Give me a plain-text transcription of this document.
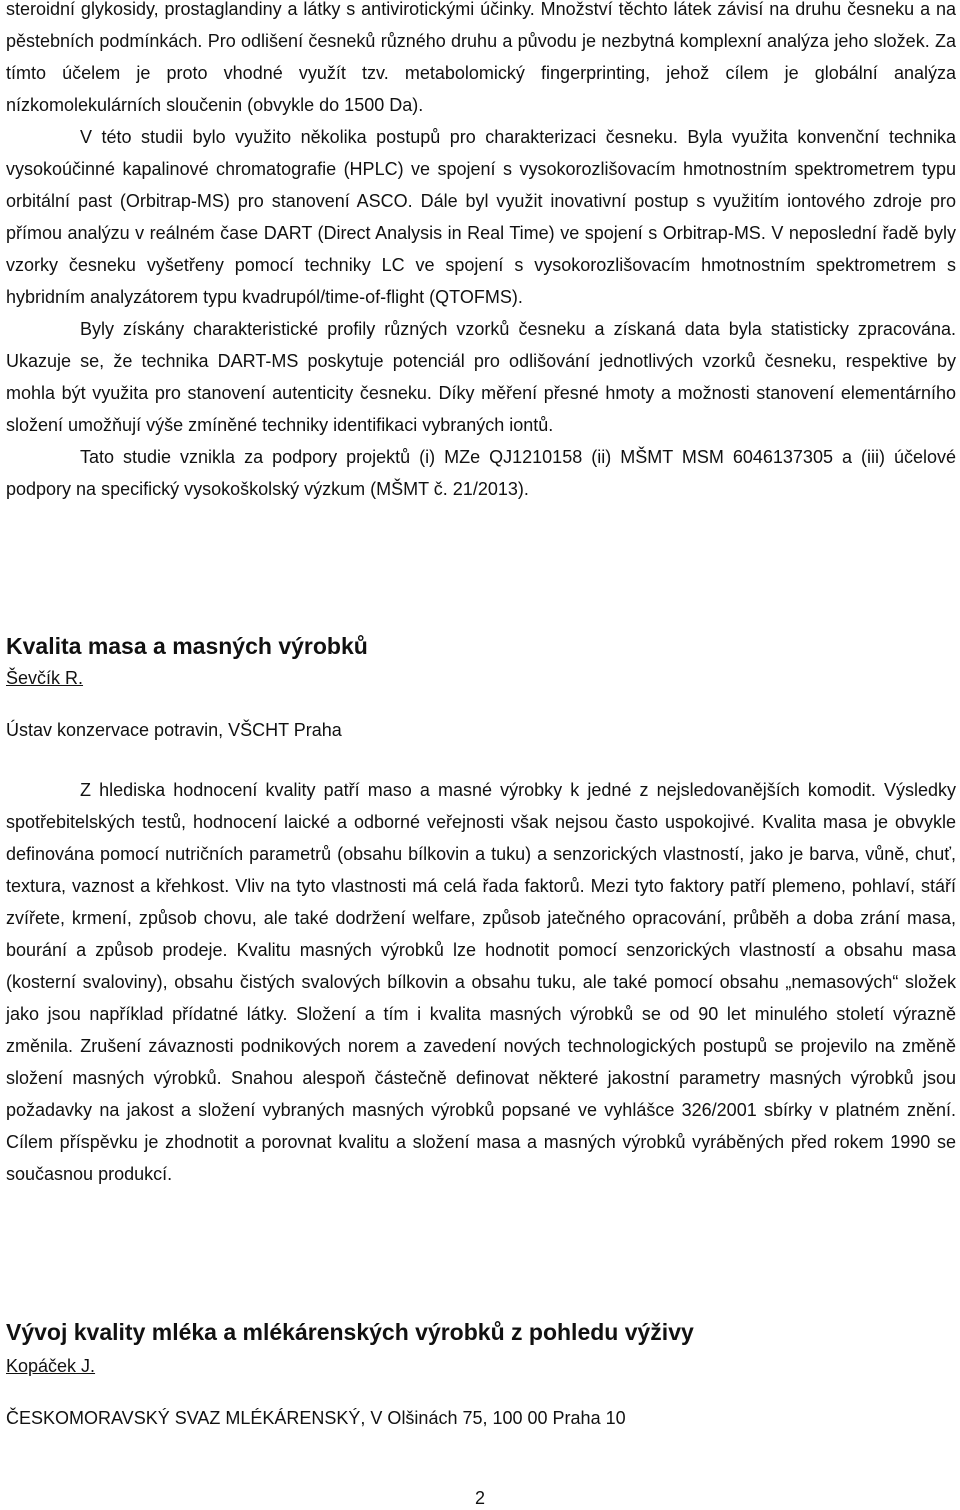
steroidní glykosidy, prostaglandiny a látky s antivirotickými účinky. Množství těchto látek závisí na druhu česneku a na pěstebních podmínkách. Pro odlišení česneků různého druhu a původu je nezbytná komplexní analýza jeho složek. Za tímto účelem je proto vhodné využít tzv. metabolomický fingerprinting, jehož cílem je globální analýza nízkomolekulárních sloučenin (obvykle do 1500 Da).

V této studii bylo využito několika postupů pro charakterizaci česneku. Byla využita konvenční technika vysokoúčinné kapalinové chromatografie (HPLC) ve spojení s vysokorozlišovacím hmotnostním spektrometrem typu orbitální past (Orbitrap-MS) pro stanovení ASCO. Dále byl využit inovativní postup s využitím iontového zdroje pro přímou analýzu v reálném čase DART (Direct Analysis in Real Time) ve spojení s Orbitrap-MS. V neposlední řadě byly vzorky česneku vyšetřeny pomocí techniky LC ve spojení s vysokorozlišovacím hmotnostním spektrometrem s hybridním analyzátorem typu kvadrupól/time-of-flight (QTOFMS).

Byly získány charakteristické profily různých vzorků česneku a získaná data byla statisticky zpracována. Ukazuje se, že technika DART-MS poskytuje potenciál pro odlišování jednotlivých vzorků česneku, respektive by mohla být využita pro stanovení autenticity česneku. Díky měření přesné hmoty a možnosti stanovení elementárního složení umožňují výše zmíněné techniky identifikaci vybraných iontů.

Tato studie vznikla za podpory projektů (i) MZe QJ1210158 (ii) MŠMT MSM 6046137305 a (iii) účelové podpory na specifický vysokoškolský výzkum (MŠMT č. 21/2013).

Kvalita masa a masných výrobků
Ševčík R.
Ústav konzervace potravin, VŠCHT Praha

Z hlediska hodnocení kvality patří maso a masné výrobky k jedné z nejsledovanějších komodit. Výsledky spotřebitelských testů, hodnocení laické a odborné veřejnosti však nejsou často uspokojivé. Kvalita masa je obvykle definována pomocí nutričních parametrů (obsahu bílkovin a tuku) a senzorických vlastností, jako je barva, vůně, chuť, textura, vaznost a křehkost. Vliv na tyto vlastnosti má celá řada faktorů. Mezi tyto faktory patří plemeno, pohlaví, stáří zvířete, krmení, způsob chovu, ale také dodržení welfare, způsob jatečného opracování, průběh a doba zrání masa, bourání a způsob prodeje. Kvalitu masných výrobků lze hodnotit pomocí senzorických vlastností a obsahu masa (kosterní svaloviny), obsahu čistých svalových bílkovin a obsahu tuku, ale také pomocí obsahu „nemasových“ složek jako jsou například přídatné látky. Složení a tím i kvalita masných výrobků se od 90 let minulého století výrazně změnila. Zrušení závaznosti podnikových norem a zavedení nových technologických postupů se projevilo na změně složení masných výrobků. Snahou alespoň částečně definovat některé jakostní parametry masných výrobků jsou požadavky na jakost a složení vybraných masných výrobků popsané ve vyhlášce 326/2001 sbírky v platném znění. Cílem příspěvku je zhodnotit a porovnat kvalitu a složení masa a masných výrobků vyráběných před rokem 1990 se současnou produkcí.

Vývoj kvality mléka a mlékárenských výrobků z pohledu výživy
Kopáček J.
ČESKOMORAVSKÝ SVAZ MLÉKÁRENSKÝ, V Olšinách 75, 100 00 Praha 10
2
